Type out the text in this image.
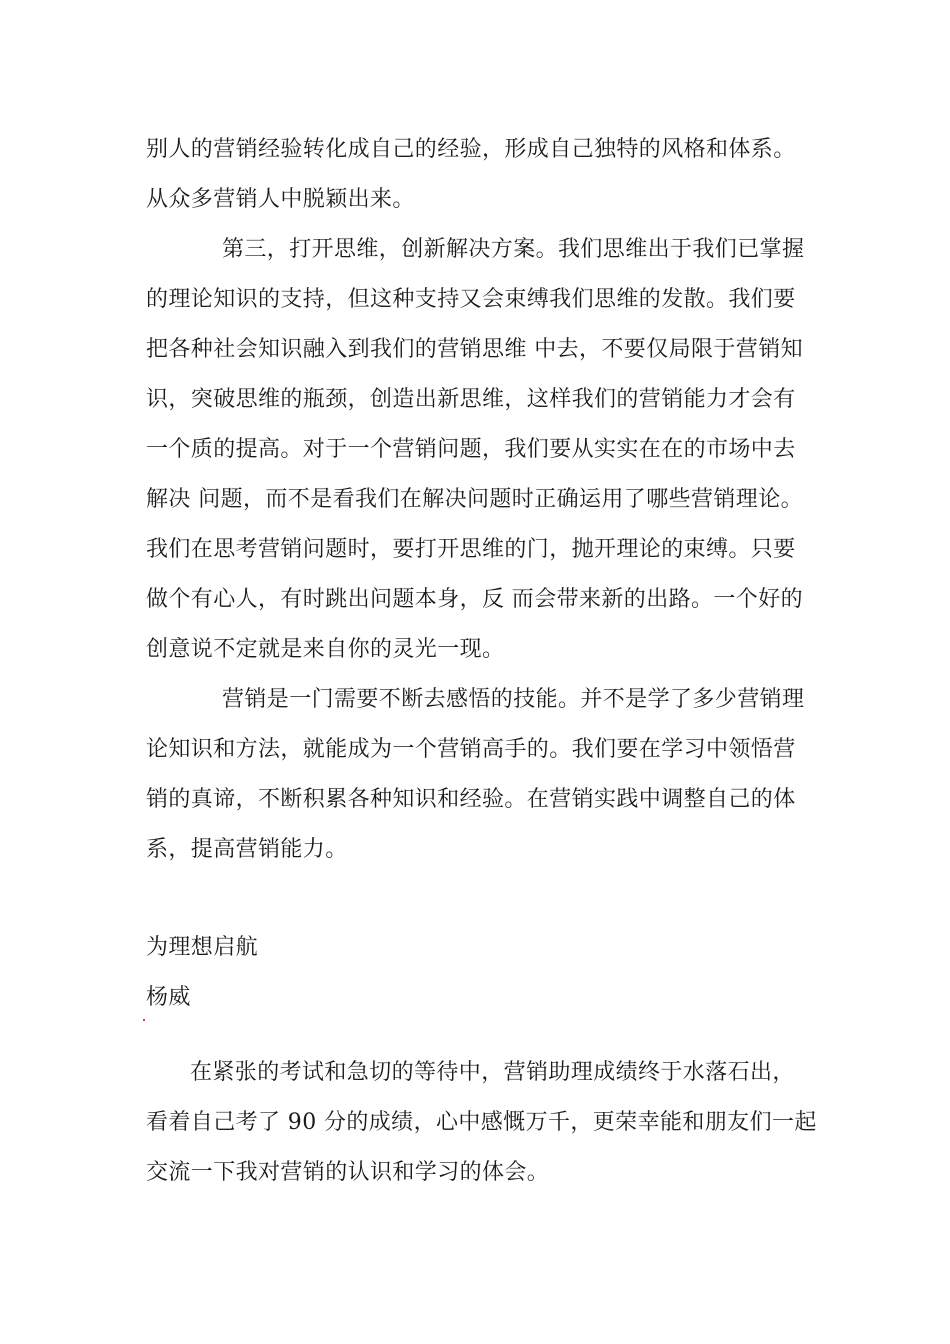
别人的营销经验转化成自己的经验，形成自己独特的风格和体系。
从众多营销人中脱颖出来。
第三，打开思维，创新解决方案。我们思维出于我们已掌握
的理论知识的支持，但这种支持又会束缚我们思维的发散。我们要
把各种社会知识融入到我们的营销思维 中去，不要仅局限于营销知
识，突破思维的瓶颈，创造出新思维，这样我们的营销能力才会有
一个质的提高。对于一个营销问题，我们要从实实在在的市场中去
解决 问题，而不是看我们在解决问题时正确运用了哪些营销理论。
我们在思考营销问题时，要打开思维的门，抛开理论的束缚。只要
做个有心人，有时跳出问题本身，反 而会带来新的出路。一个好的
创意说不定就是来自你的灵光一现。
营销是一门需要不断去感悟的技能。并不是学了多少营销理
论知识和方法，就能成为一个营销高手的。我们要在学习中领悟营
销的真谛，不断积累各种知识和经验。在营销实践中调整自己的体
系，提高营销能力。
为理想启航
杨威
在紧张的考试和急切的等待中，营销助理成绩终于水落石出，
看着自己考了 90 分的成绩，心中感慨万千，更荣幸能和朋友们一起
交流一下我对营销的认识和学习的体会。
